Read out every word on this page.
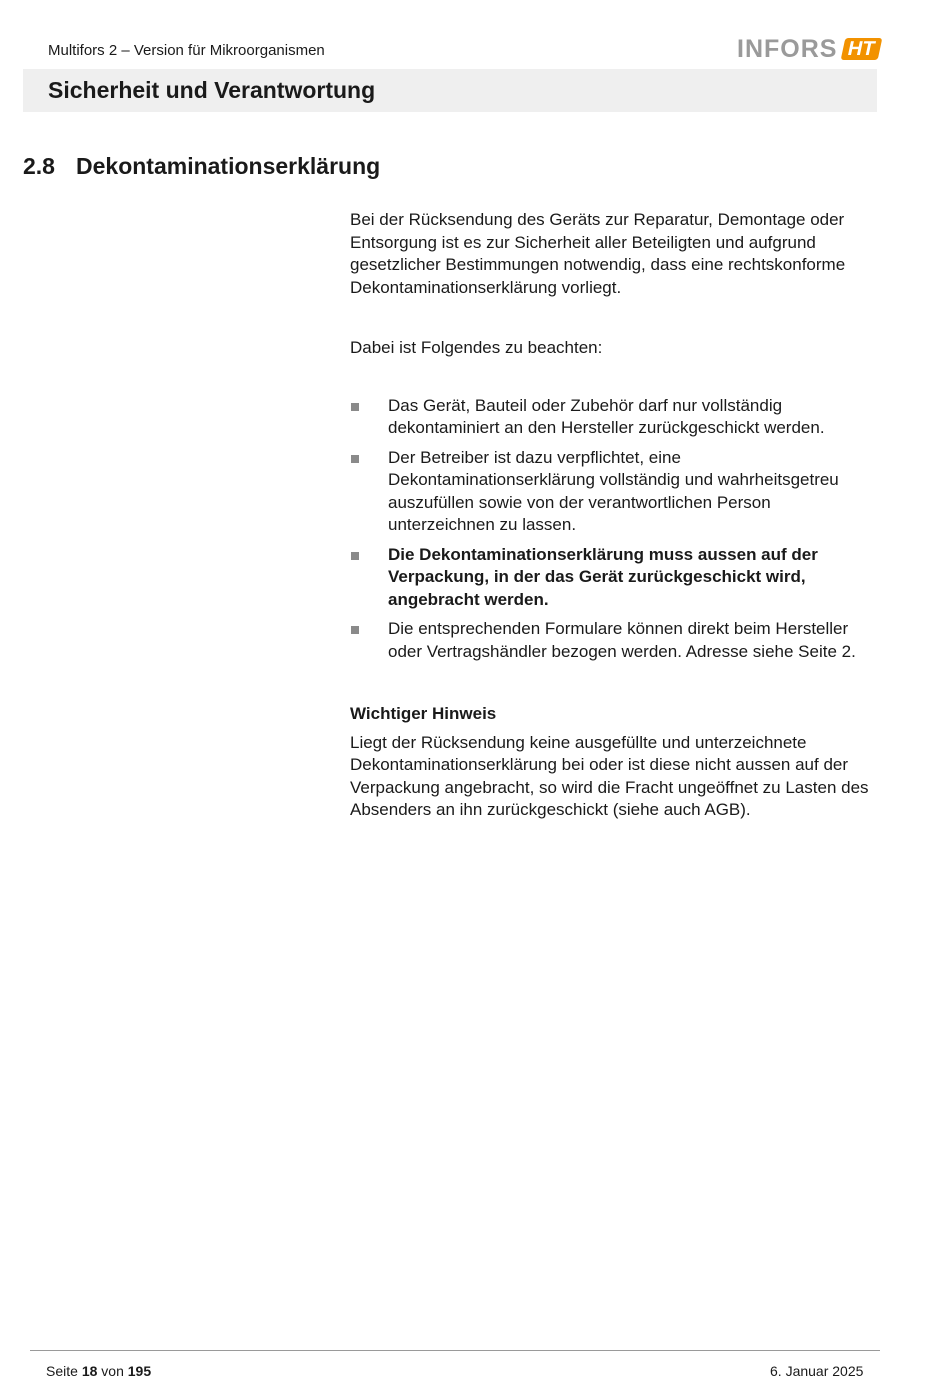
Multifors 2 – Version für Mikroorganismen	INFORS HT
Sicherheit und Verantwortung
2.8 Dekontaminationserklärung

Bei der Rücksendung des Geräts zur Reparatur, Demontage oder Entsorgung ist es zur Sicherheit aller Beteiligten und aufgrund gesetzlicher Bestimmungen notwendig, dass eine rechtskonforme Dekontaminationserklärung vorliegt.

Dabei ist Folgendes zu beachten:

Das Gerät, Bauteil oder Zubehör darf nur vollständig dekontaminiert an den Hersteller zurückgeschickt werden.
Der Betreiber ist dazu verpflichtet, eine Dekontaminationserklärung vollständig und wahrheitsgetreu auszufüllen sowie von der verantwortlichen Person unterzeichnen zu lassen.
Die Dekontaminationserklärung muss aussen auf der Verpackung, in der das Gerät zurückgeschickt wird, angebracht werden.
Die entsprechenden Formulare können direkt beim Hersteller oder Vertragshändler bezogen werden. Adresse siehe Seite 2.
Wichtiger Hinweis

Liegt der Rücksendung keine ausgefüllte und unterzeichnete Dekontaminationserklärung bei oder ist diese nicht aussen auf der Verpackung angebracht, so wird die Fracht ungeöffnet zu Lasten des Absenders an ihn zurückgeschickt (siehe auch AGB).

Seite 18 von 195	6. Januar 2025
